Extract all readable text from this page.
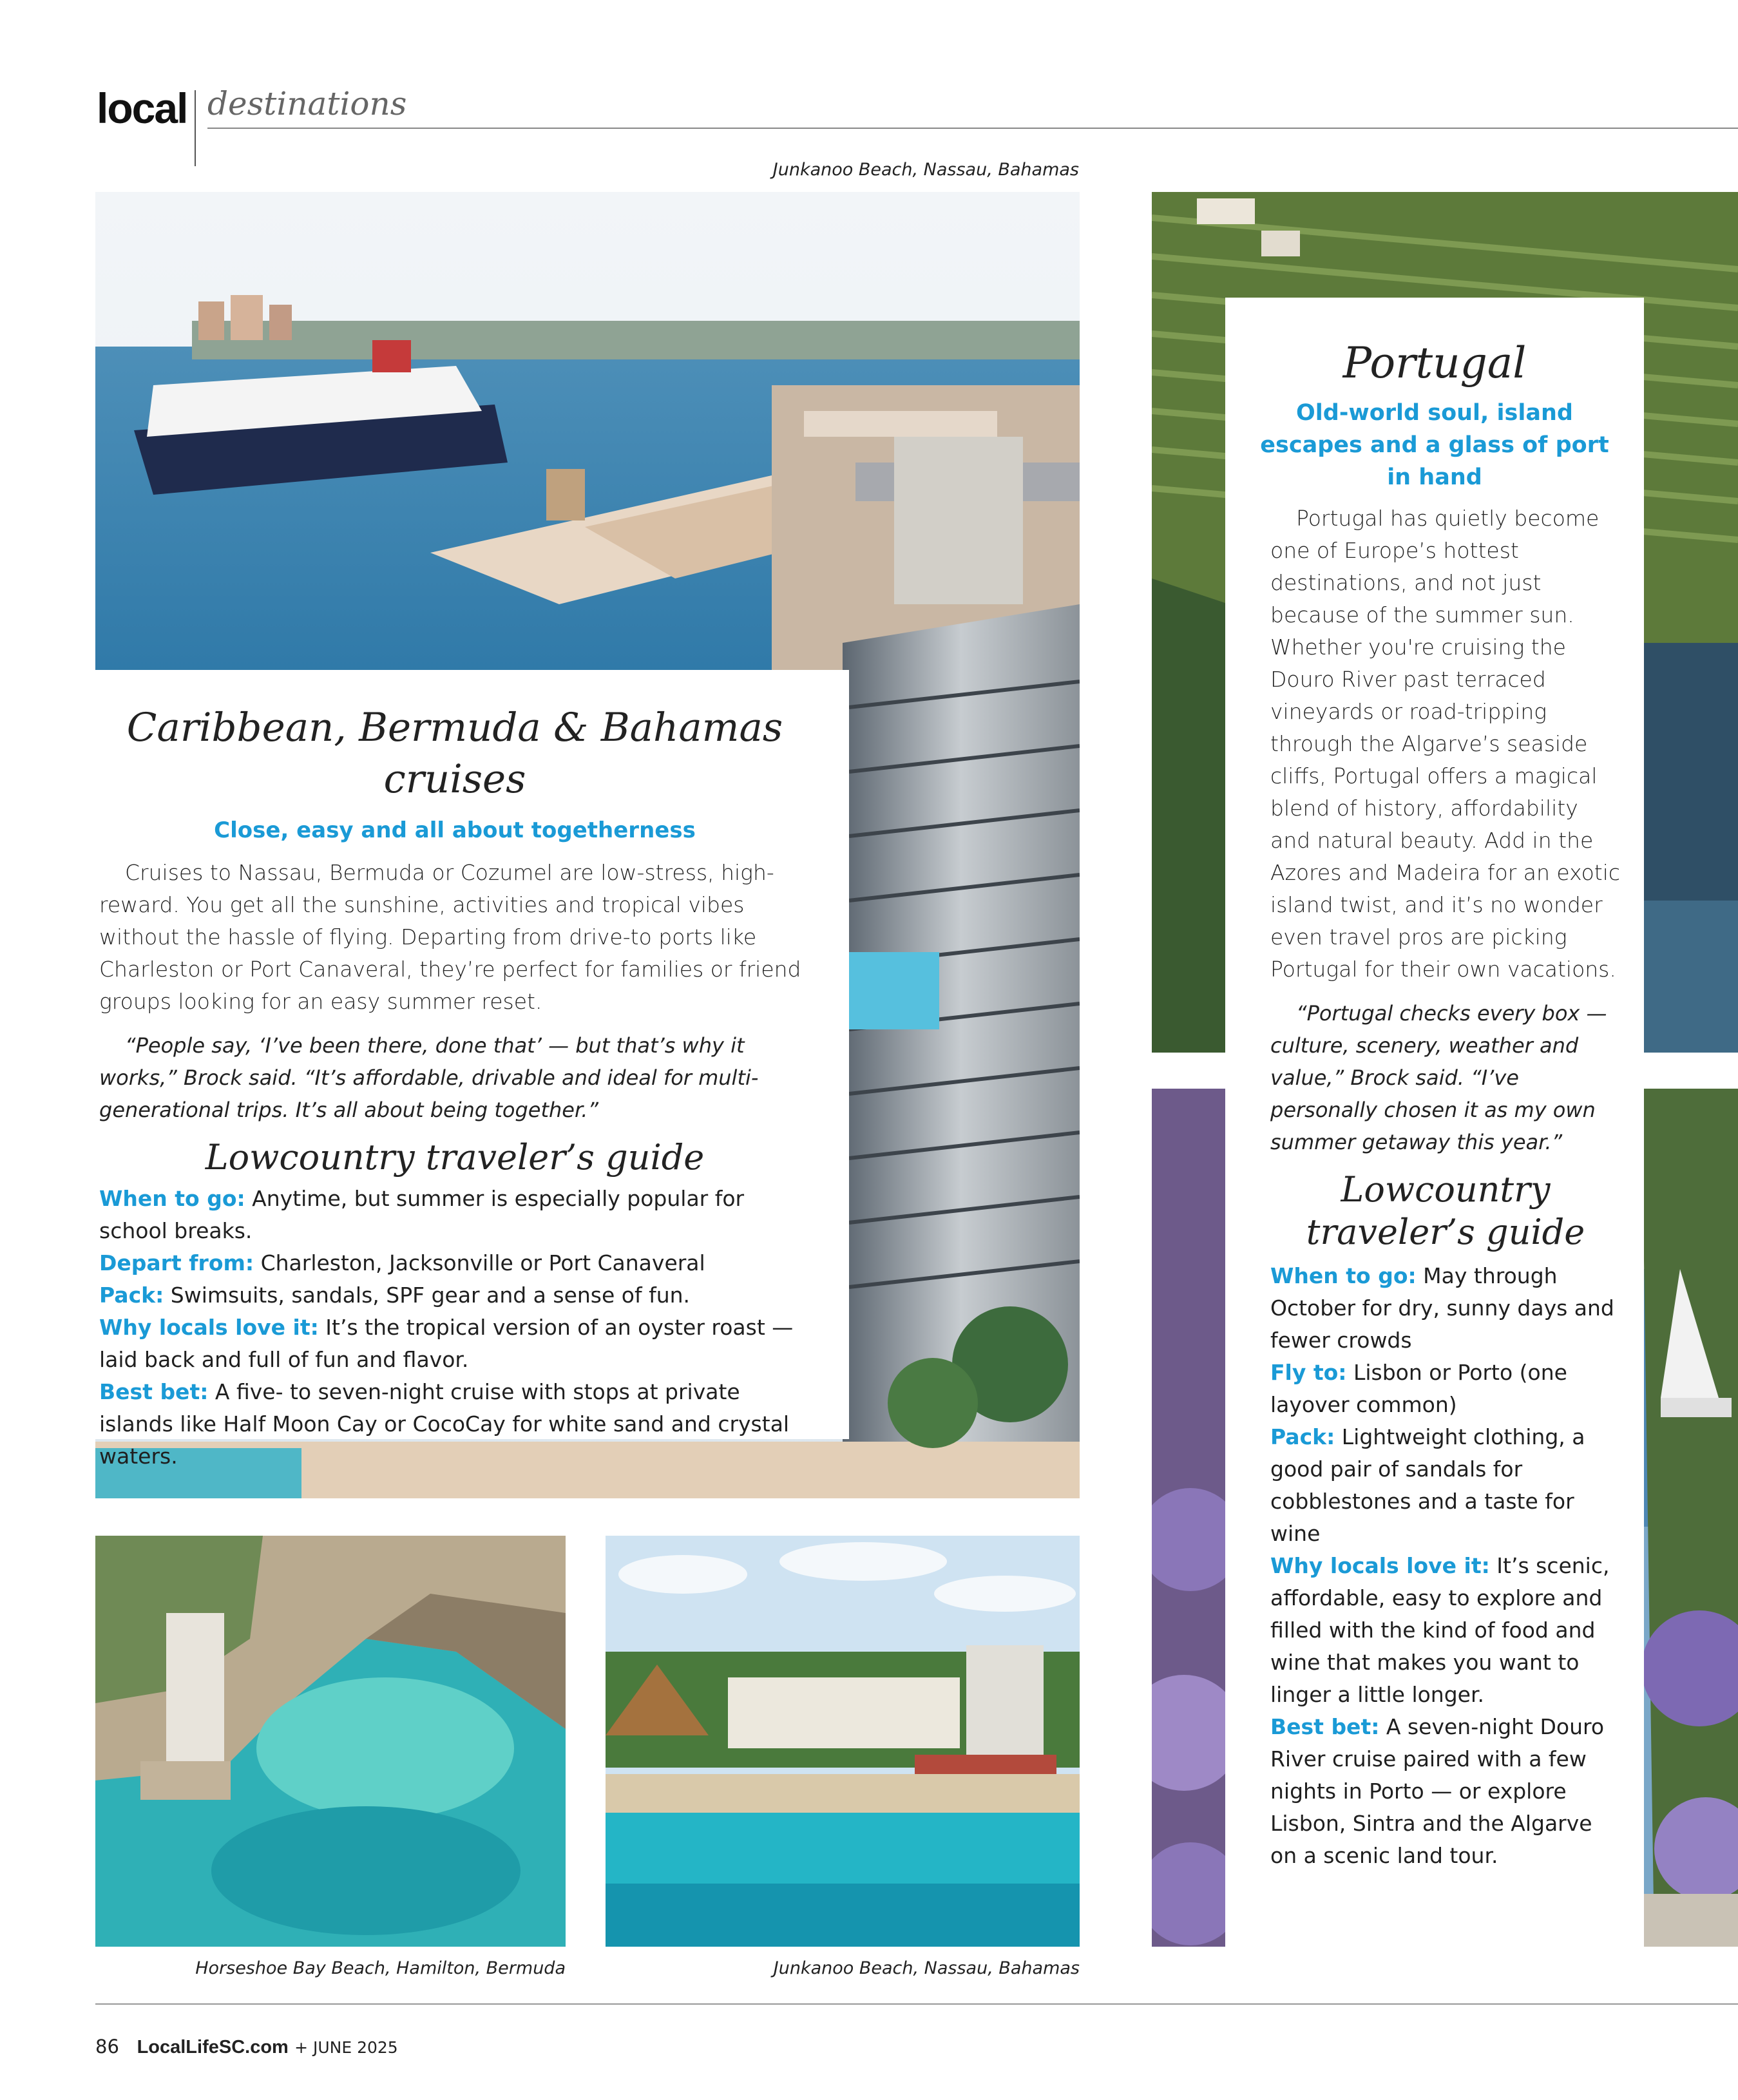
local destinations
Junkanoo Beach, Nassau, Bahamas
Caribbean, Bermuda & Bahamas cruises
Close, easy and all about togetherness

Cruises to Nassau, Bermuda or Cozumel are low-stress, high-reward. You get all the sunshine, activities and tropical vibes without the hassle of flying. Departing from drive-to ports like Charleston or Port Canaveral, they’re perfect for families or friend groups looking for an easy summer reset.

“People say, ‘I’ve been there, done that’ — but that’s why it works,” Brock said. “It’s affordable, drivable and ideal for multi-generational trips. It’s all about being together.”

Lowcountry traveler’s guide

When to go: Anytime, but summer is especially popular for school breaks.

Depart from: Charleston, Jacksonville or Port Canaveral

Pack: Swimsuits, sandals, SPF gear and a sense of fun.

Why locals love it: It’s the tropical version of an oyster roast — laid back and full of fun and flavor.

Best bet: A five- to seven-night cruise with stops at private islands like Half Moon Cay or CocoCay for white sand and crystal waters.

Horseshoe Bay Beach, Hamilton, Bermuda	Junkanoo Beach, Nassau, Bahamas
Portugal
Old-world soul, island escapes and a glass of port in hand

Portugal has quietly become one of Europe’s hottest destinations, and not just because of the summer sun. Whether you're cruising the Douro River past terraced vineyards or road-tripping through the Algarve’s seaside cliffs, Portugal offers a magical blend of history, affordability and natural beauty. Add in the Azores and Madeira for an exotic island twist, and it’s no wonder even travel pros are picking Portugal for their own vacations.

“Portugal checks every box — culture, scenery, weather and value,” Brock said. “I’ve personally chosen it as my own summer getaway this year.”

Lowcountry traveler’s guide

When to go: May through October for dry, sunny days and fewer crowds

Fly to: Lisbon or Porto (one layover common)

Pack: Lightweight clothing, a good pair of sandals for cobblestones and a taste for wine

Why locals love it: It’s scenic, affordable, easy to explore and filled with the kind of food and wine that makes you want to linger a little longer.

Best bet: A seven-night Douro River cruise paired with a few nights in Porto — or explore Lisbon, Sintra and the Algarve on a scenic land tour.

86 LocalLifeSC.com + JUNE 2025
